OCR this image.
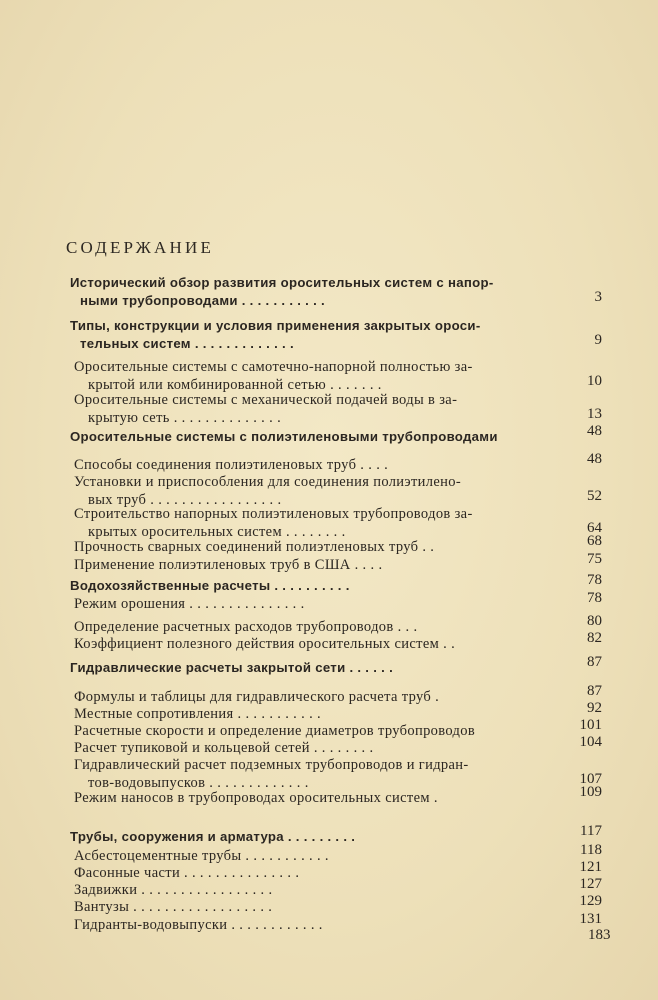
СОДЕРЖАНИЕ
Исторический обзор развития оросительных систем с напор-
ными трубопроводами . . . . . . . . . . .	3
Типы, конструкции и условия применения закрытых ороси-
тельных систем . . . . . . . . . . . . .	9
Оросительные системы с самотечно-напорной полностью за-
крытой или комбинированной сетью . . . . . . .	10
Оросительные системы с механической подачей воды в за-
крытую сеть . . . . . . . . . . . . . .	13
Оросительные системы с полиэтиленовыми трубопроводами	48
Способы соединения полиэтиленовых труб . . . .	48
Установки и приспособления для соединения полиэтилено-
вых труб . . . . . . . . . . . . . . . . .	52
Строительство напорных полиэтиленовых трубопроводов за-
крытых оросительных систем . . . . . . . .	64
Прочность сварных соединений полиэтленовых труб . .	68
Применение полиэтиленовых труб в США . . . .	75
Водохозяйственные расчеты . . . . . . . . . .	78
Режим орошения . . . . . . . . . . . . . . .	78
Определение расчетных расходов трубопроводов . . .	80
Коэффициент полезного действия оросительных систем . .	82
Гидравлические расчеты закрытой сети . . . . . .	87
Формулы и таблицы для гидравлического расчета труб .	87
Местные сопротивления . . . . . . . . . . .	92
Расчетные скорости и определение диаметров трубопроводов	101
Расчет тупиковой и кольцевой сетей . . . . . . . .	104
Гидравлический расчет подземных трубопроводов и гидран-
тов-водовыпусков . . . . . . . . . . . . .	107
Режим наносов в трубопроводах оросительных систем .	109
Трубы, сооружения и арматура . . . . . . . . .	117
Асбестоцементные трубы . . . . . . . . . . .	118
Фасонные части . . . . . . . . . . . . . . .	121
Задвижки . . . . . . . . . . . . . . . . .	127
Вантузы . . . . . . . . . . . . . . . . . .	129
Гидранты-водовыпуски . . . . . . . . . . . .	131
183
